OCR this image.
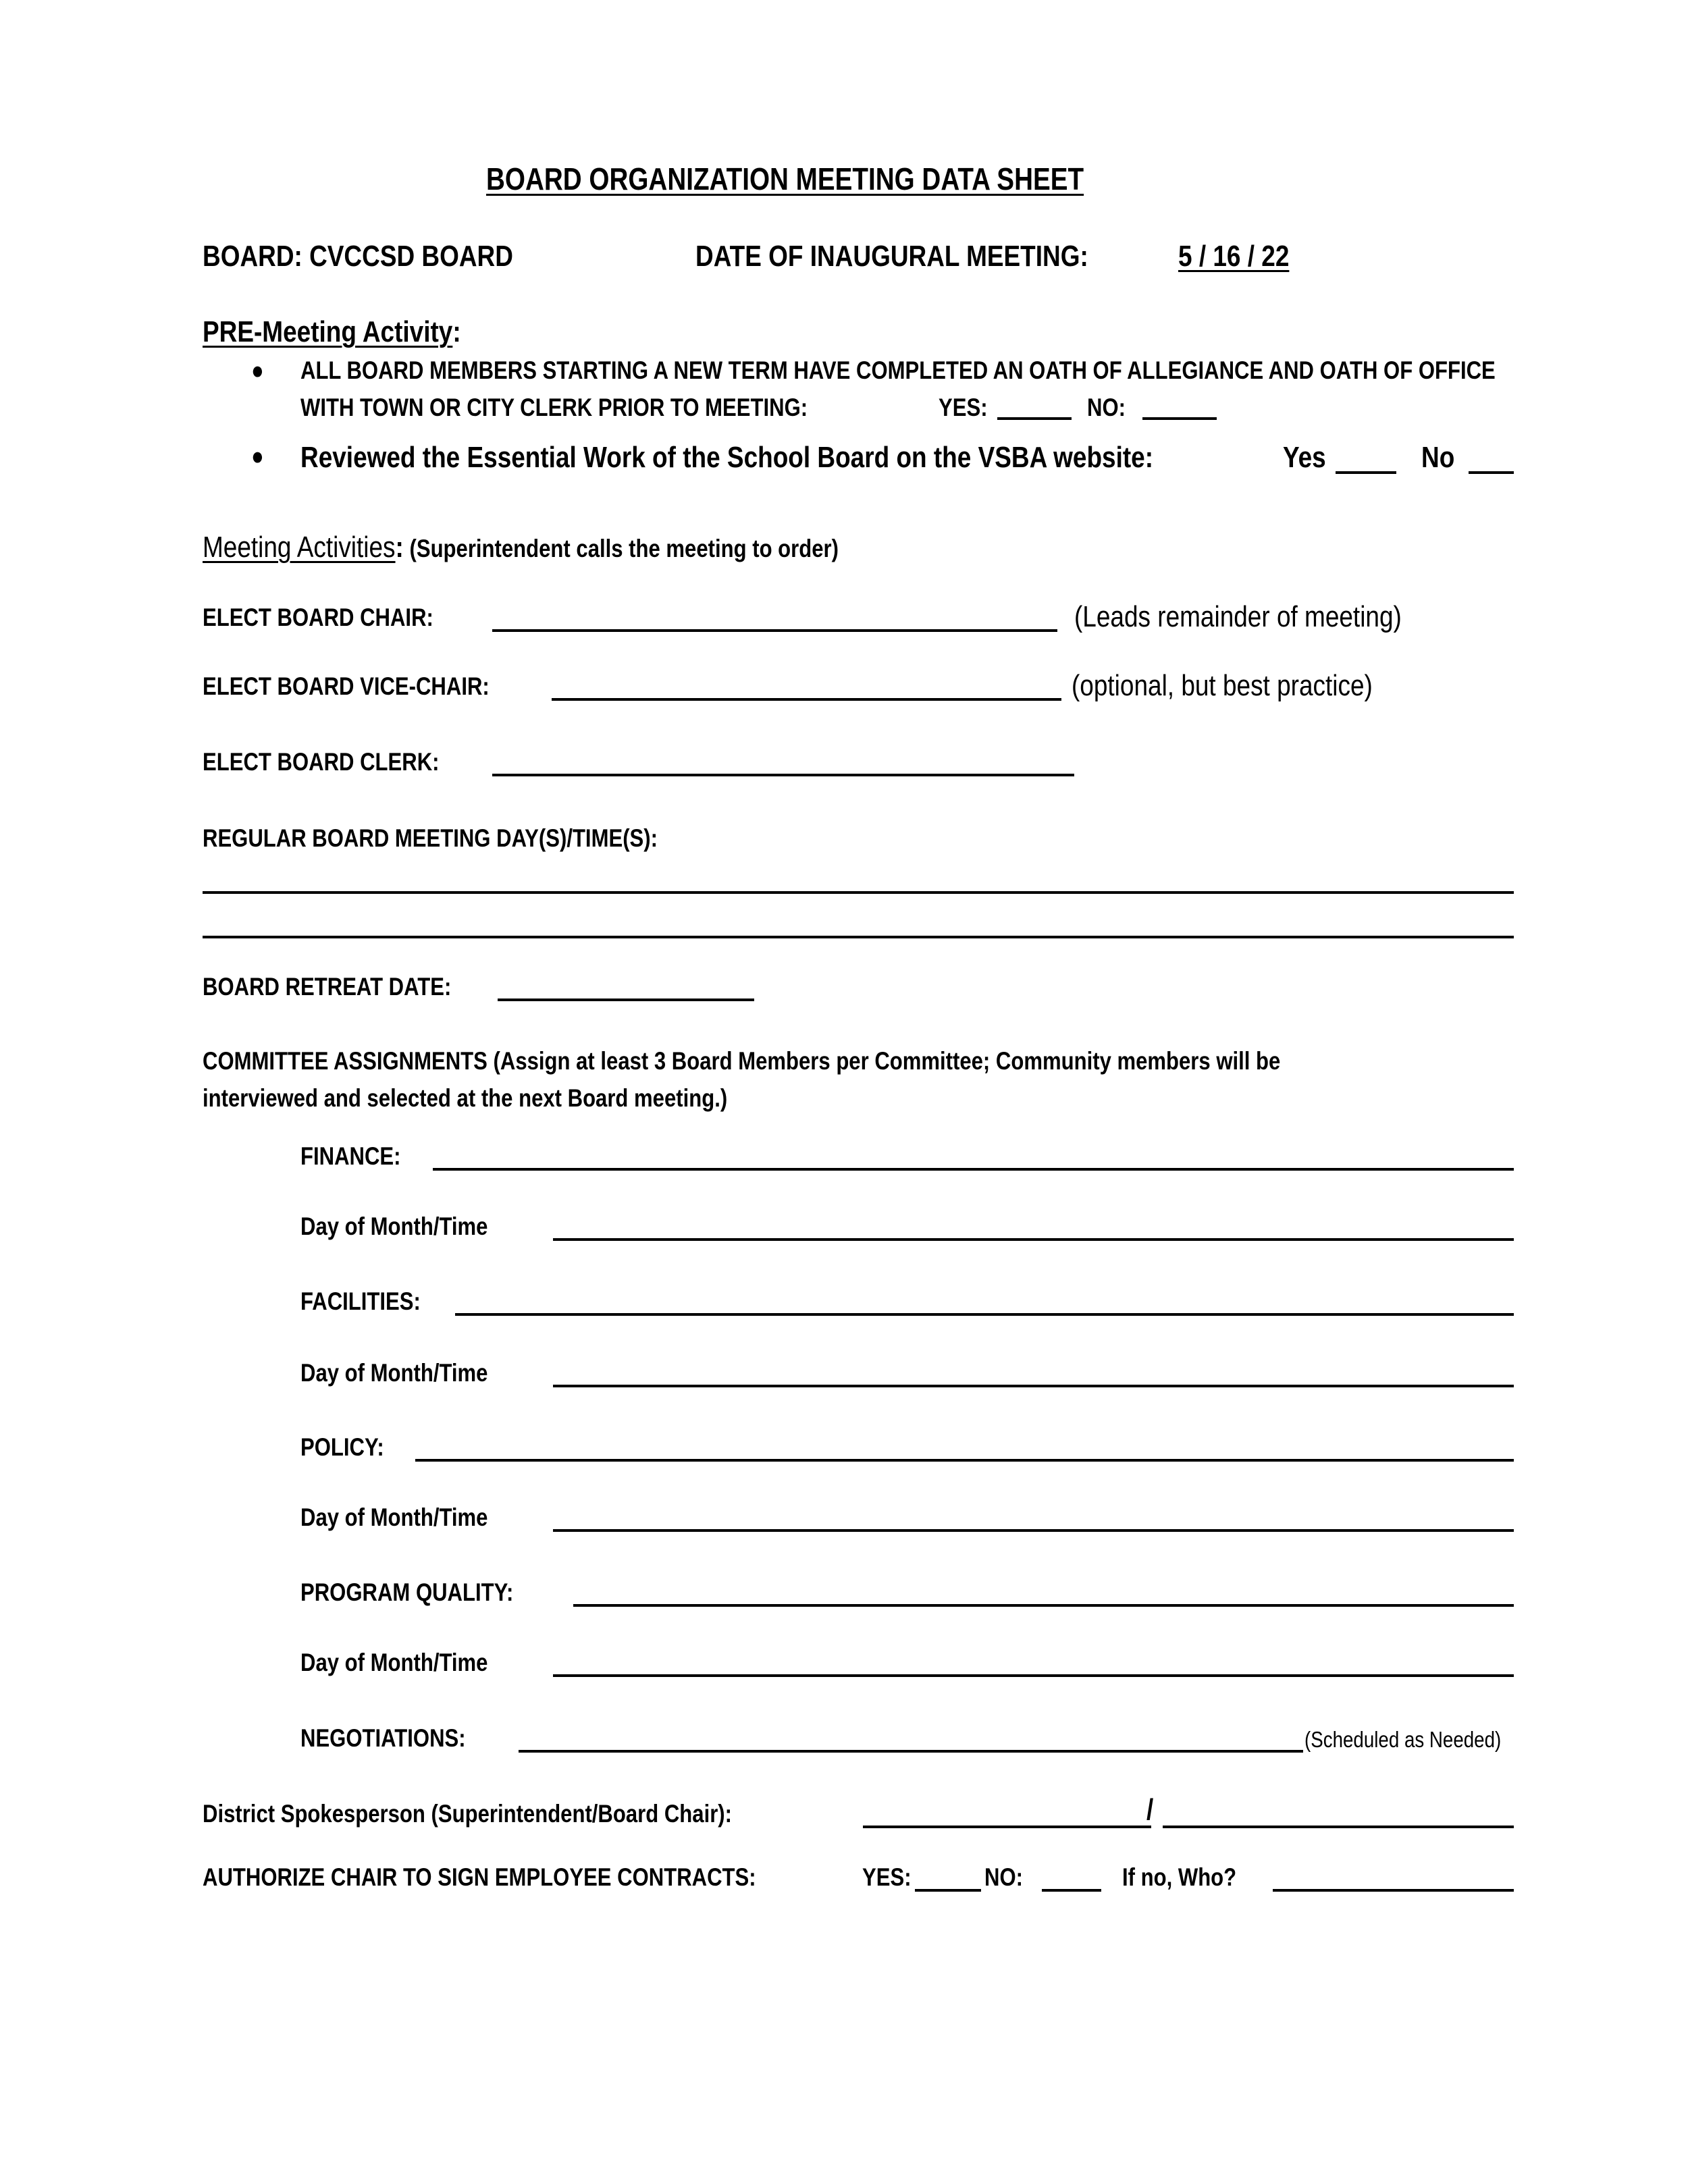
BOARD ORGANIZATION MEETING DATA SHEET
BOARD: CVCCSD BOARD	DATE OF INAUGURAL MEETING:	5 / 16 / 22
PRE-Meeting Activity:
● ALL BOARD MEMBERS STARTING A NEW TERM HAVE COMPLETED AN OATH OF ALLEGIANCE AND OATH OF OFFICE
WITH TOWN OR CITY CLERK PRIOR TO MEETING:	YES:	NO:
● Reviewed the Essential Work of the School Board on the VSBA website:	Yes	No
Meeting Activities: (Superintendent calls the meeting to order)
ELECT BOARD CHAIR:	(Leads remainder of meeting)
ELECT BOARD VICE-CHAIR:	(optional, but best practice)
ELECT BOARD CLERK:
REGULAR BOARD MEETING DAY(S)/TIME(S):
BOARD RETREAT DATE:
COMMITTEE ASSIGNMENTS (Assign at least 3 Board Members per Committee; Community members will be
interviewed and selected at the next Board meeting.)
FINANCE:
Day of Month/Time
FACILITIES:
Day of Month/Time
POLICY:
Day of Month/Time
PROGRAM QUALITY:
Day of Month/Time
NEGOTIATIONS:	(Scheduled as Needed)
District Spokesperson (Superintendent/Board Chair):	/
AUTHORIZE CHAIR TO SIGN EMPLOYEE CONTRACTS:	YES:	NO:	If no, Who?
